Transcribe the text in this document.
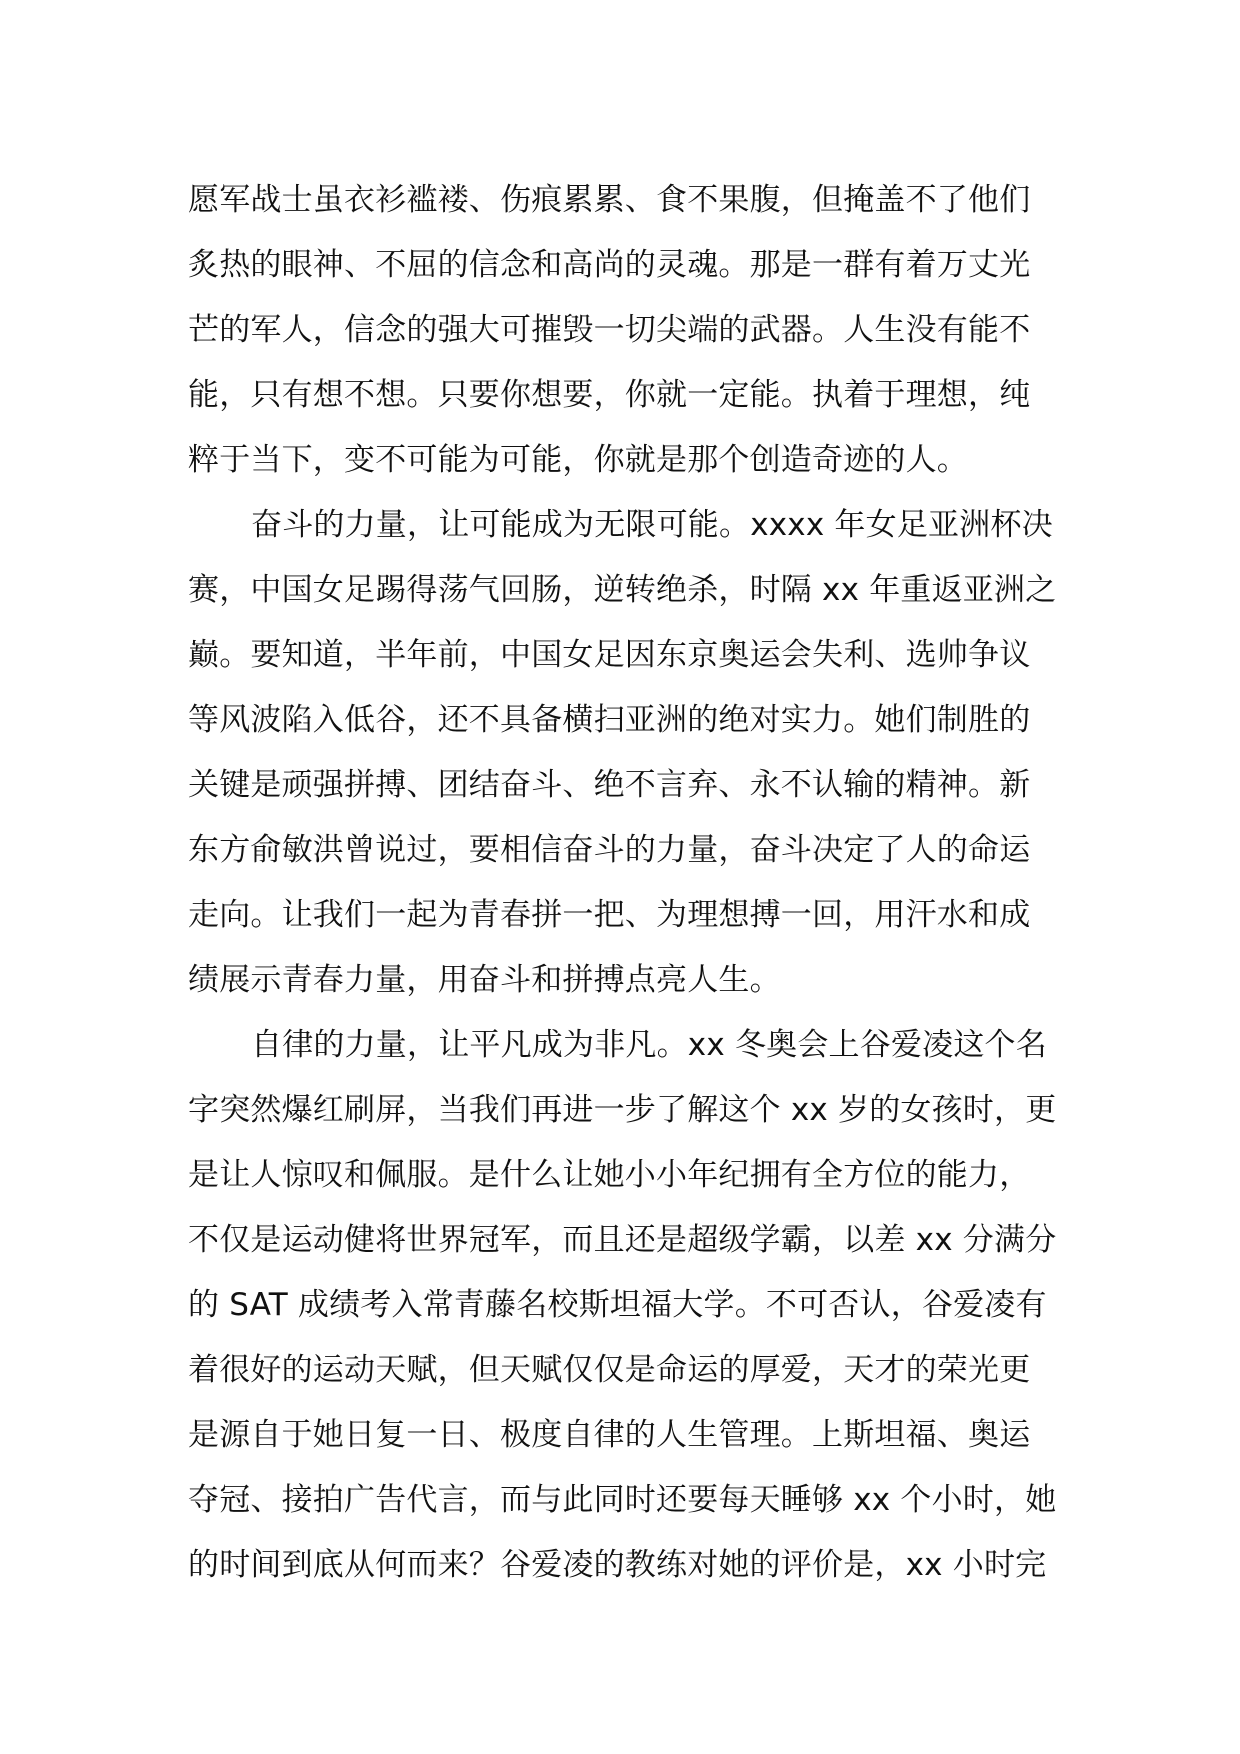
愿军战士虽衣衫褴褛、伤痕累累、食不果腹，但掩盖不了他们
炙热的眼神、不屈的信念和高尚的灵魂。那是一群有着万丈光
芒的军人，信念的强大可摧毁一切尖端的武器。人生没有能不
能，只有想不想。只要你想要，你就一定能。执着于理想，纯
粹于当下，变不可能为可能，你就是那个创造奇迹的人。
奋斗的力量，让可能成为无限可能。xxxx 年女足亚洲杯决
赛，中国女足踢得荡气回肠，逆转绝杀，时隔 xx 年重返亚洲之
巅。要知道，半年前，中国女足因东京奥运会失利、选帅争议
等风波陷入低谷，还不具备横扫亚洲的绝对实力。她们制胜的
关键是顽强拼搏、团结奋斗、绝不言弃、永不认输的精神。新
东方俞敏洪曾说过，要相信奋斗的力量，奋斗决定了人的命运
走向。让我们一起为青春拼一把、为理想搏一回，用汗水和成
绩展示青春力量，用奋斗和拼搏点亮人生。
自律的力量，让平凡成为非凡。xx 冬奥会上谷爱凌这个名
字突然爆红刷屏，当我们再进一步了解这个 xx 岁的女孩时，更
是让人惊叹和佩服。是什么让她小小年纪拥有全方位的能力，
不仅是运动健将世界冠军，而且还是超级学霸，以差 xx 分满分
的 SAT 成绩考入常青藤名校斯坦福大学。不可否认，谷爱凌有
着很好的运动天赋，但天赋仅仅是命运的厚爱，天才的荣光更
是源自于她日复一日、极度自律的人生管理。上斯坦福、奥运
夺冠、接拍广告代言，而与此同时还要每天睡够 xx 个小时，她
的时间到底从何而来？谷爱凌的教练对她的评价是，xx 小时完
